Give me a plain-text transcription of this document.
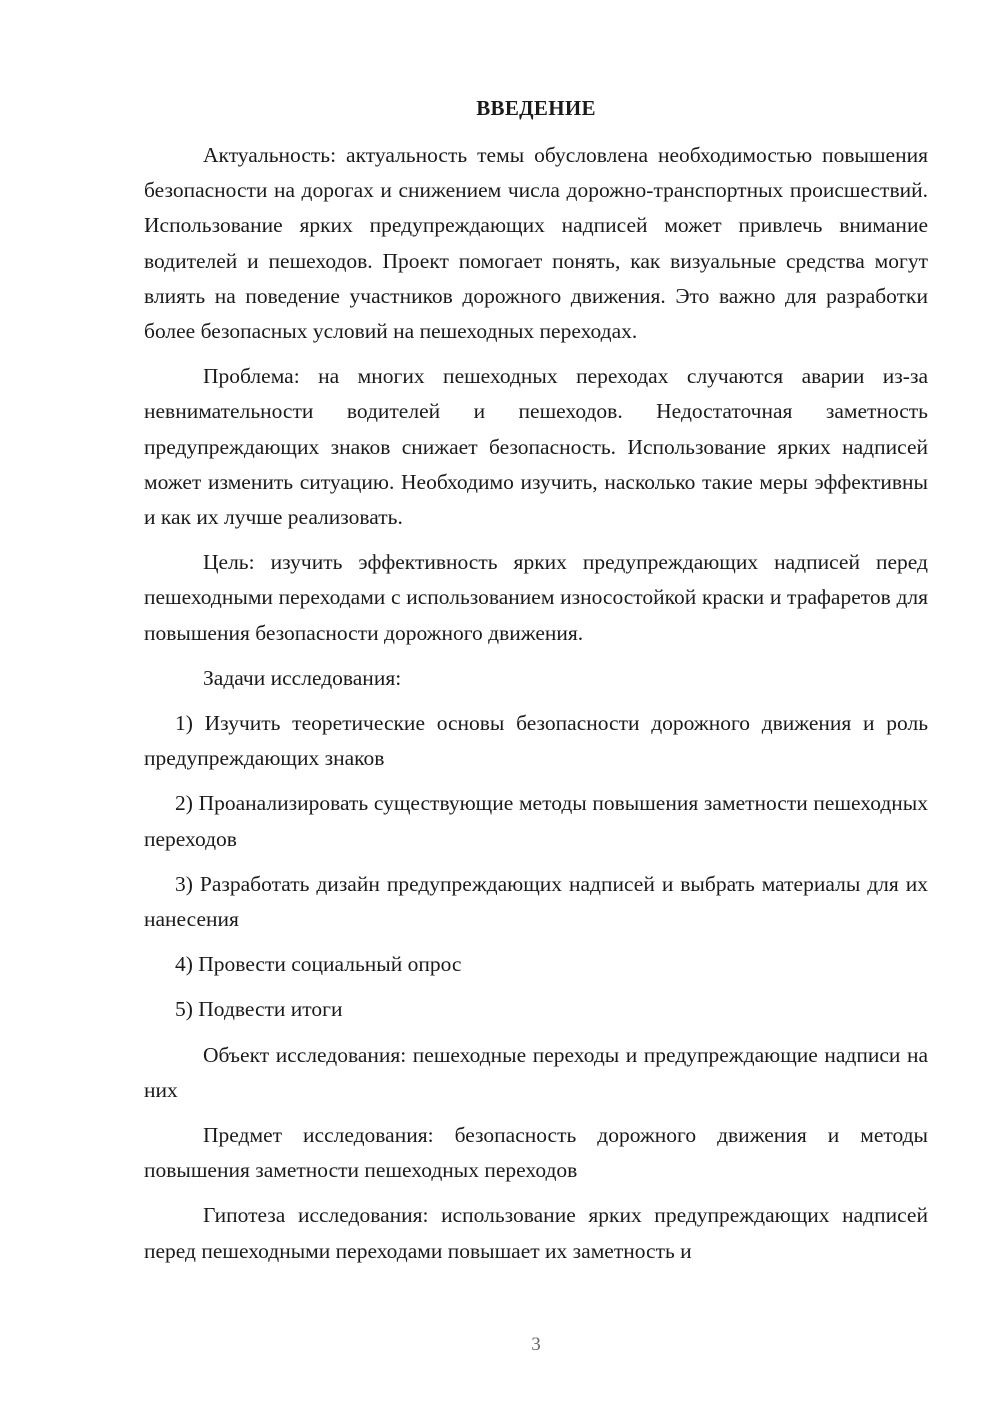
ВВЕДЕНИЕ

Актуальность: актуальность темы обусловлена необходимостью повышения безопасности на дорогах и снижением числа дорожно-транспортных происшествий. Использование ярких предупреждающих надписей может привлечь внимание водителей и пешеходов. Проект помогает понять, как визуальные средства могут влиять на поведение участников дорожного движения. Это важно для разработки более безопасных условий на пешеходных переходах.

Проблема: на многих пешеходных переходах случаются аварии из-за невнимательности водителей и пешеходов. Недостаточная заметность предупреждающих знаков снижает безопасность. Использование ярких надписей может изменить ситуацию. Необходимо изучить, насколько такие меры эффективны и как их лучше реализовать.

Цель: изучить эффективность ярких предупреждающих надписей перед пешеходными переходами с использованием износостойкой краски и трафаретов для повышения безопасности дорожного движения.

Задачи исследования:

1) Изучить теоретические основы безопасности дорожного движения и роль предупреждающих знаков

2) Проанализировать существующие методы повышения заметности пешеходных переходов

3) Разработать дизайн предупреждающих надписей и выбрать материалы для их нанесения

4) Провести социальный опрос

5) Подвести итоги

Объект исследования: пешеходные переходы и предупреждающие надписи на них

Предмет исследования: безопасность дорожного движения и методы повышения заметности пешеходных переходов

Гипотеза исследования: использование ярких предупреждающих надписей перед пешеходными переходами повышает их заметность и

3
